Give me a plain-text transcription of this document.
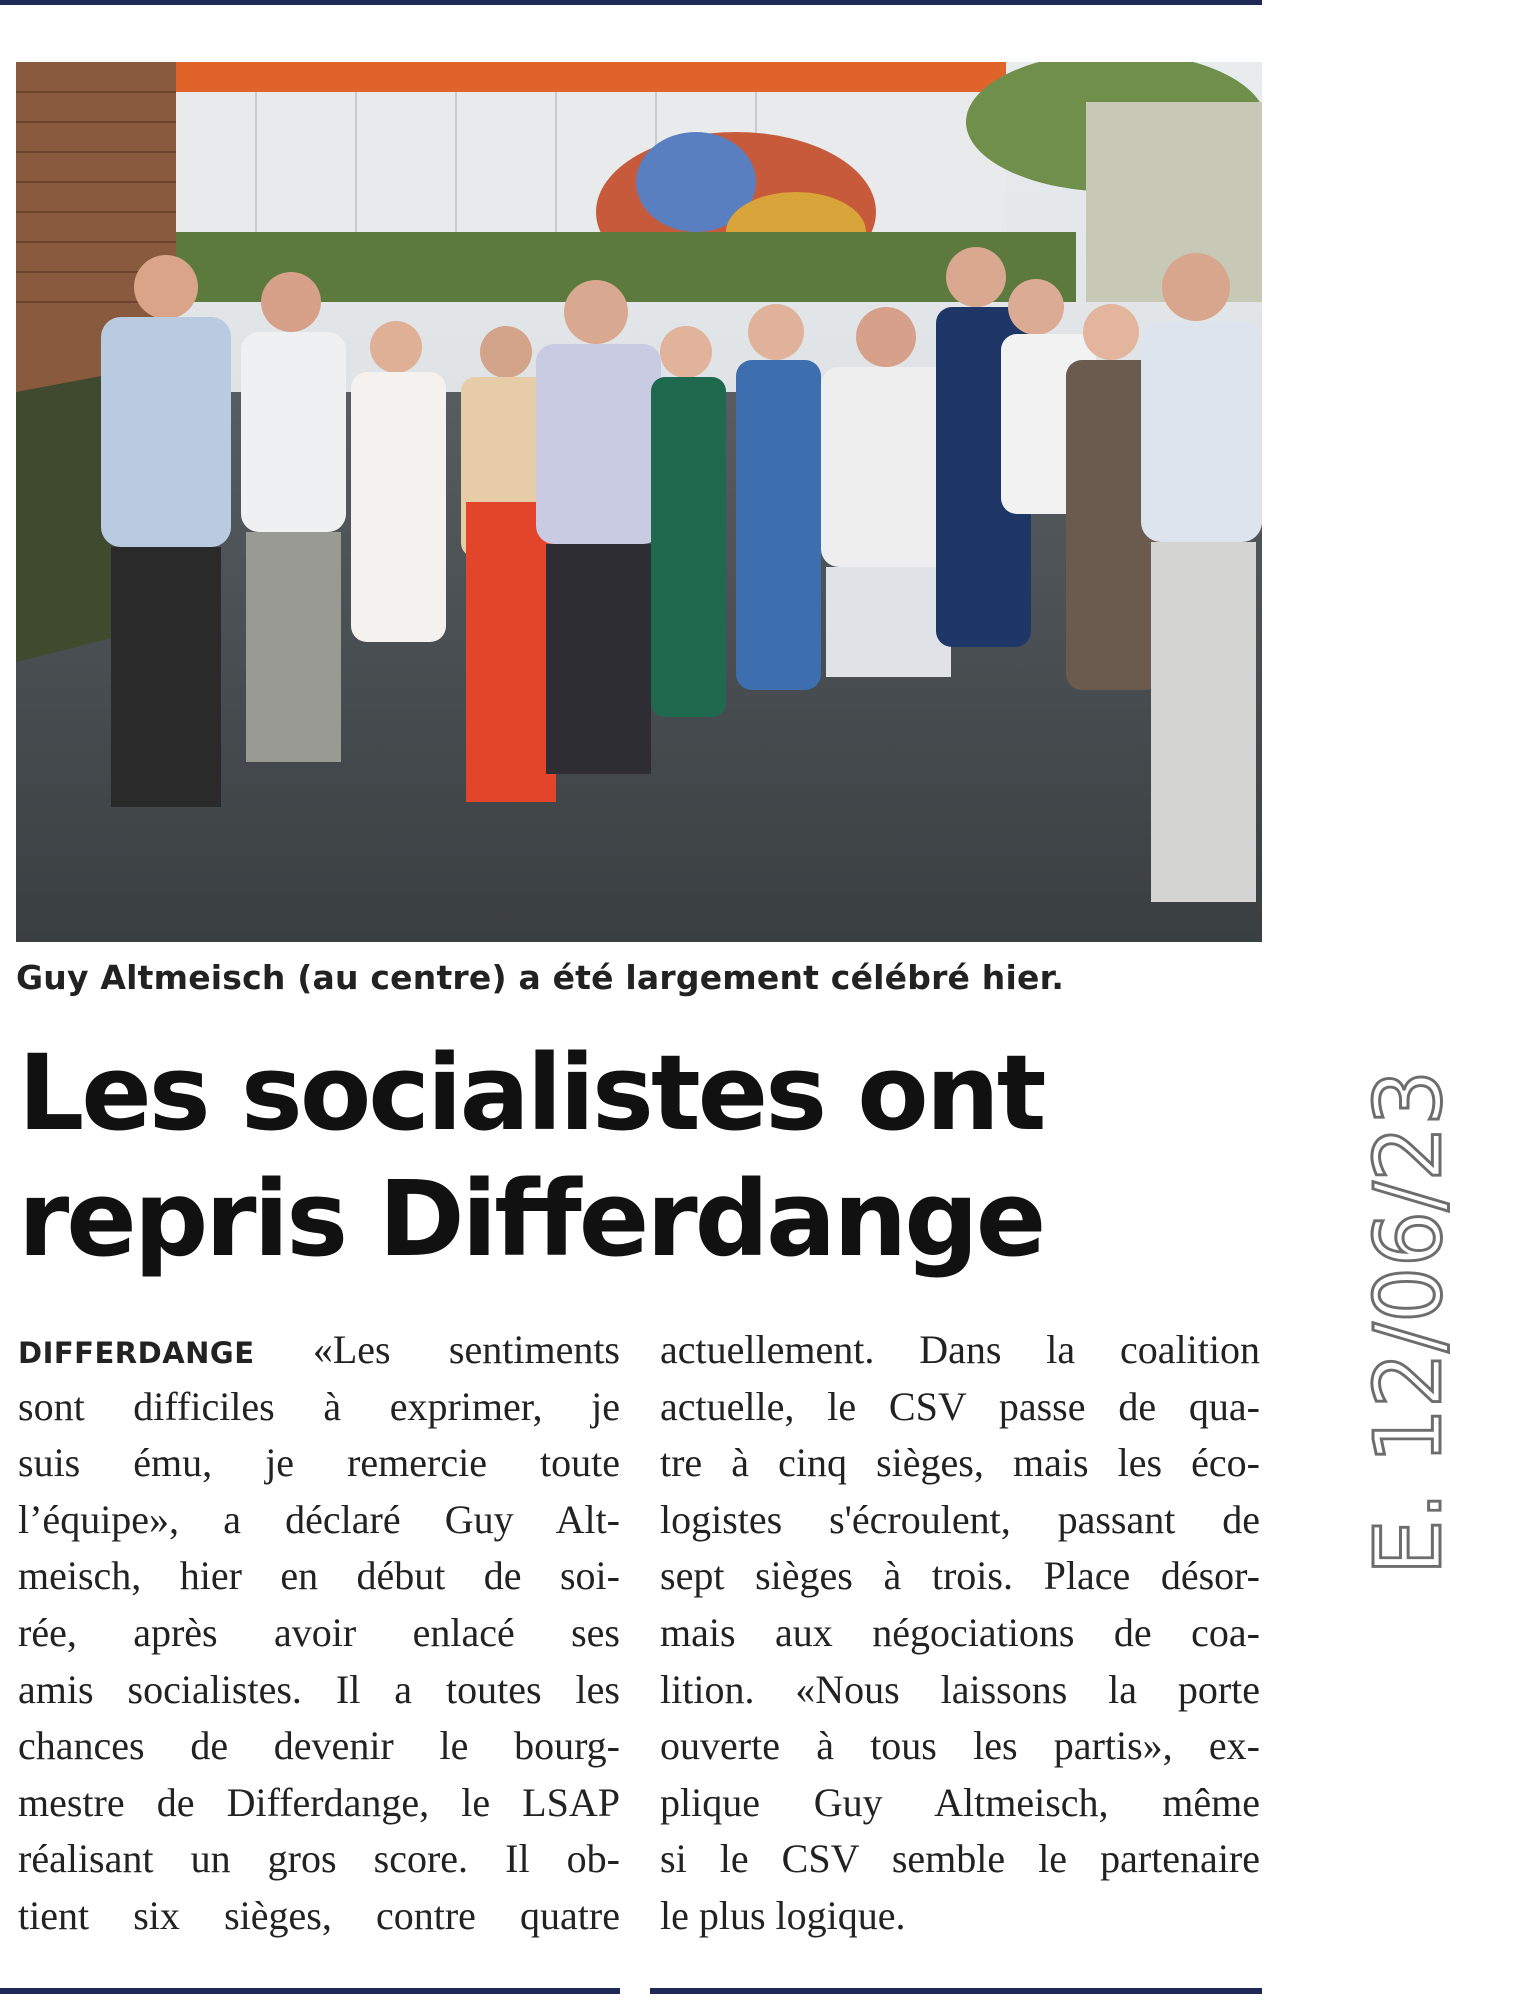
Guy Altmeisch (au centre) a été largement célébré hier.
Les socialistes ont
repris Differdange
DIFFERDANGE «Les sentiments
sont difficiles à exprimer, je
suis ému, je remercie toute
l’équipe», a déclaré Guy Alt-
meisch, hier en début de soi-
rée, après avoir enlacé ses
amis socialistes. Il a toutes les
chances de devenir le bourg-
mestre de Differdange, le LSAP
réalisant un gros score. Il ob-
tient six sièges, contre quatre
actuellement. Dans la coalition
actuelle, le CSV passe de qua-
tre à cinq sièges, mais les éco-
logistes s'écroulent, passant de
sept sièges à trois. Place désor-
mais aux négociations de coa-
lition. «Nous laissons la porte
ouverte à tous les partis», ex-
plique Guy Altmeisch, même
si le CSV semble le partenaire
le plus logique.
E. 12/06/23
